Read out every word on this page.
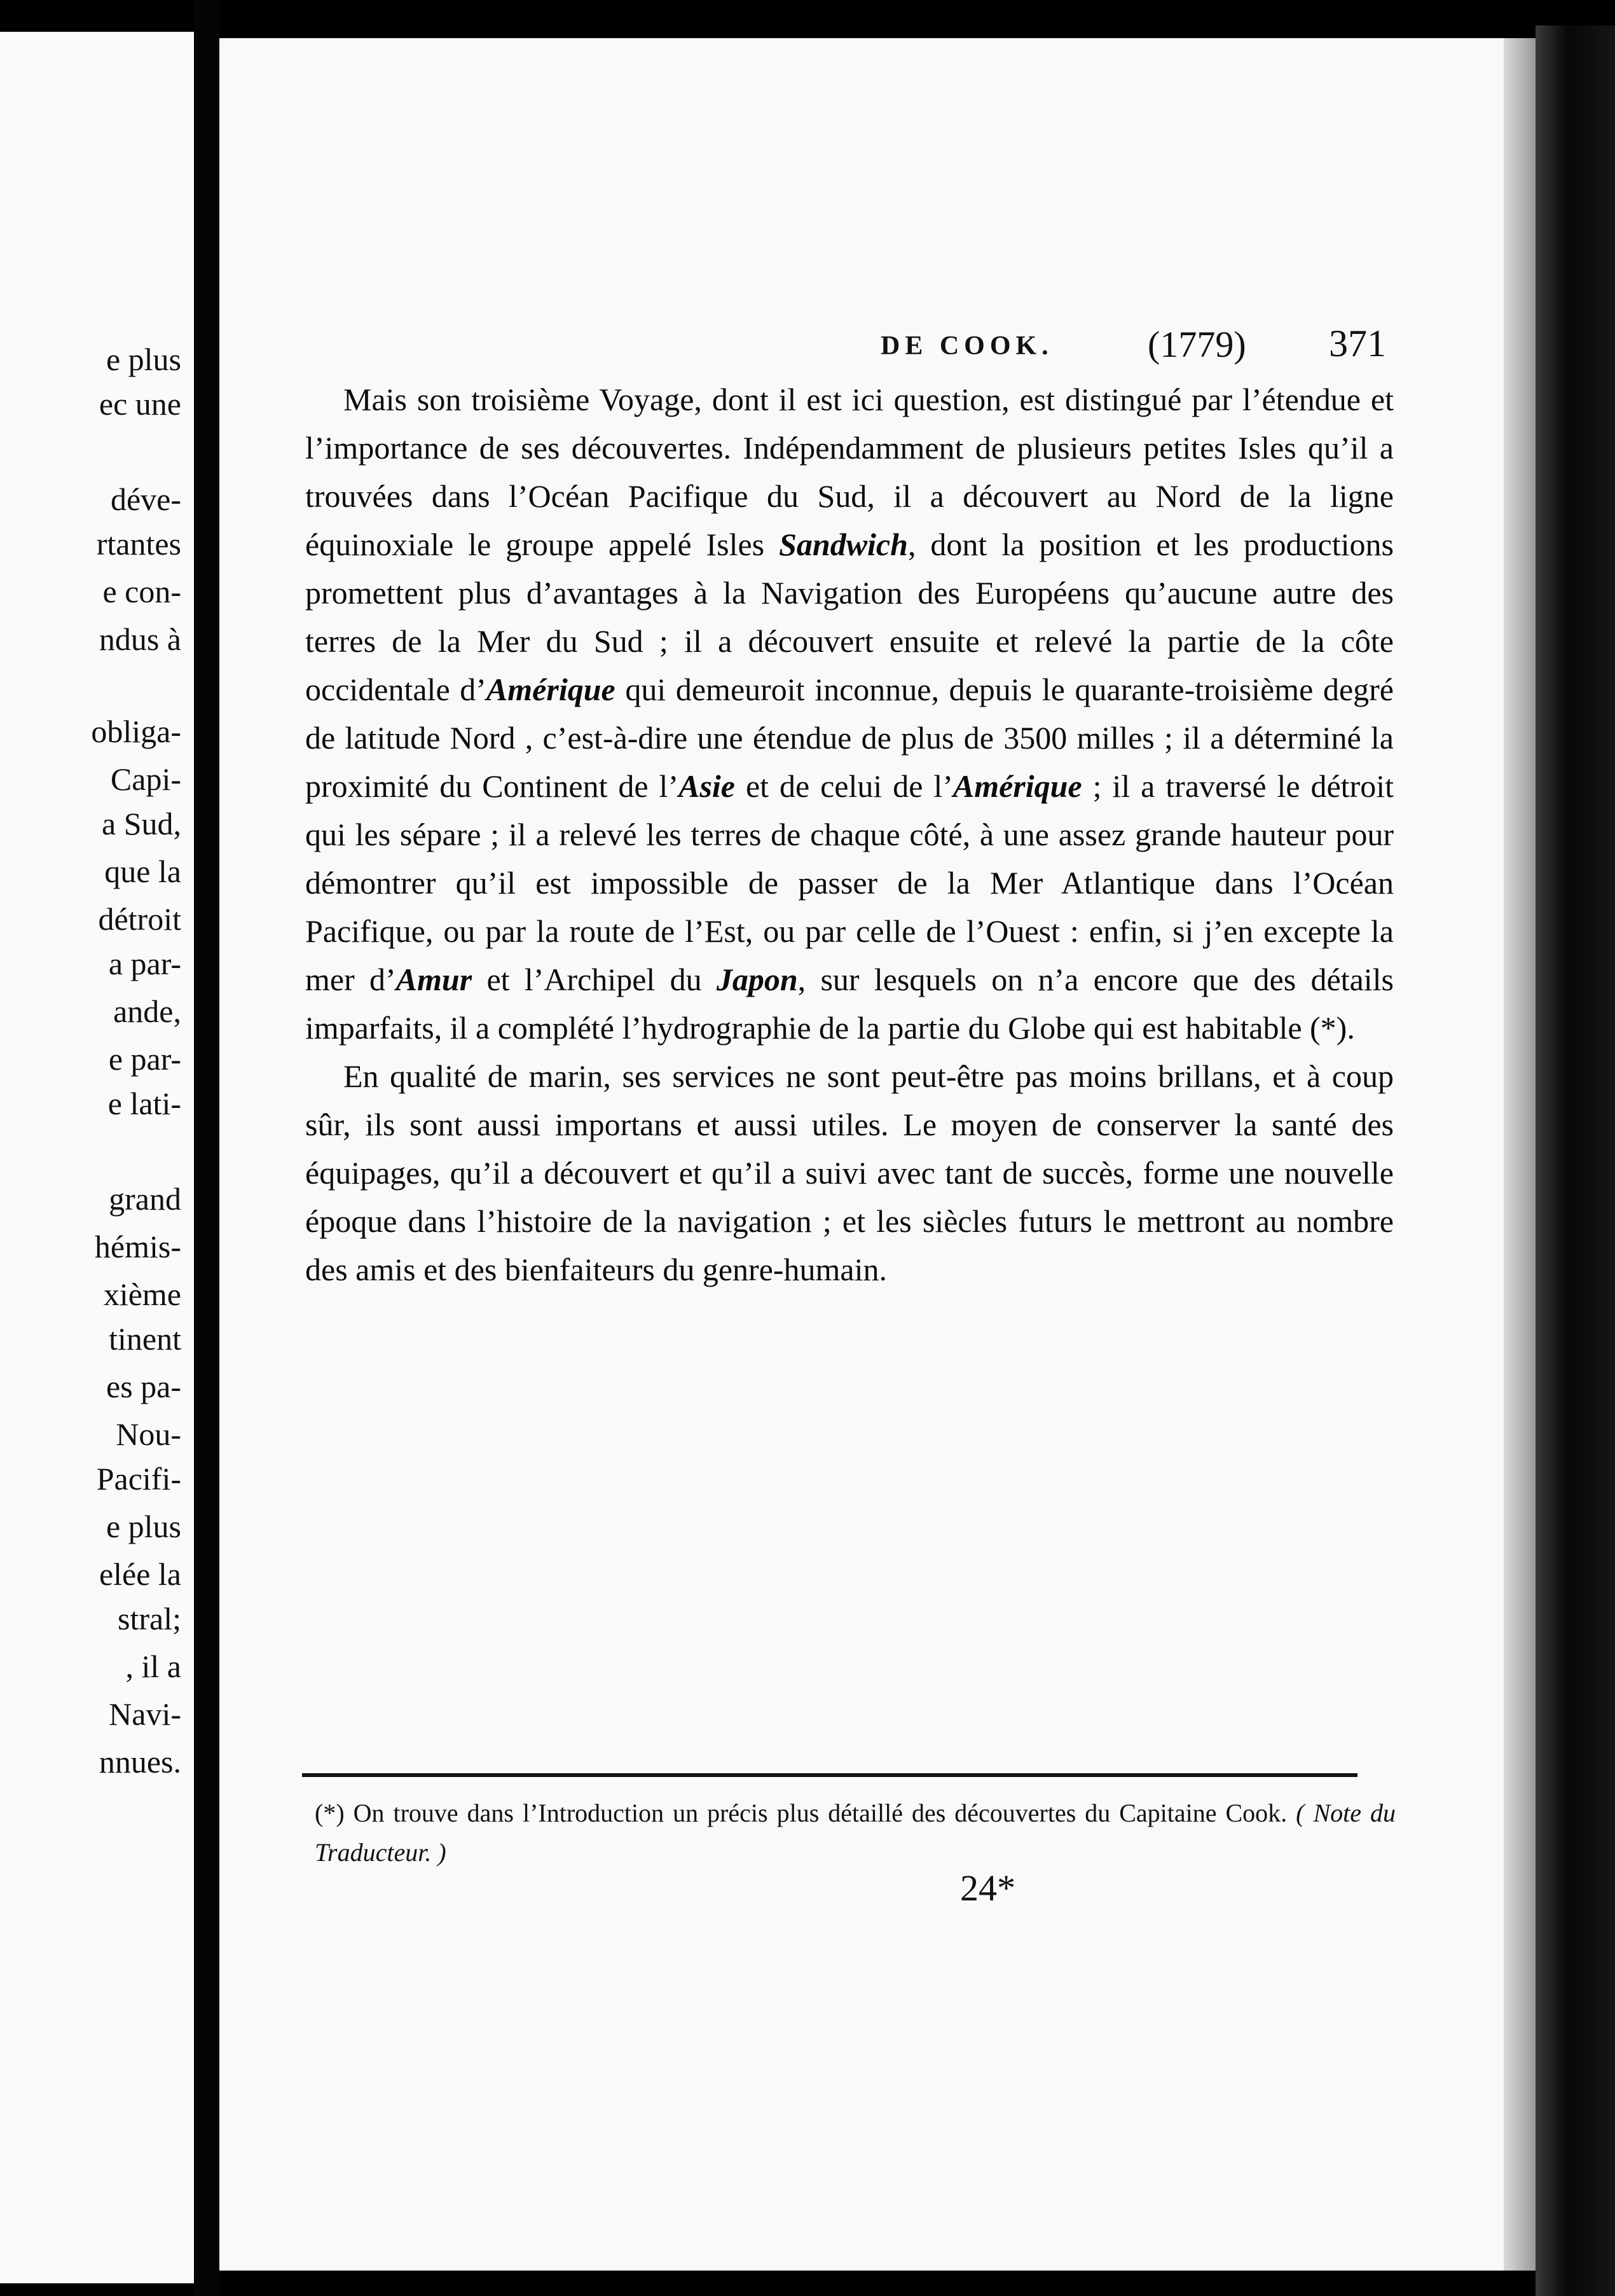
e plus
ec une
déve-
rtantes
e con-
ndus à
obliga-
Capi-
a Sud,
que la
détroit
a par-
ande,
e par-
e lati-
grand
hémis-
xième
tinent
es pa-
Nou-
Pacifi-
e plus
elée la
stral;
, il a
Navi-
nnues.
DE COOK.	(1779) 371

Mais son troisième Voyage, dont il est ici question, est distingué par l’étendue et l’importance de ses découvertes. Indépendamment de plusieurs petites Isles qu’il a trouvées dans l’Océan Pacifique du Sud, il a découvert au Nord de la ligne équinoxiale le groupe appelé Isles Sandwich, dont la position et les productions promettent plus d’avantages à la Navigation des Européens qu’aucune autre des terres de la Mer du Sud ; il a découvert ensuite et relevé la partie de la côte occidentale d’Amérique qui demeuroit inconnue, depuis le quarante-troisième degré de latitude Nord , c’est-à-dire une étendue de plus de 3500 milles ; il a déterminé la proximité du Continent de l’Asie et de celui de l’Amérique ; il a traversé le détroit qui les sépare ; il a relevé les terres de chaque côté, à une assez grande hauteur pour démontrer qu’il est impossible de passer de la Mer Atlantique dans l’Océan Pacifique, ou par la route de l’Est, ou par celle de l’Ouest : enfin, si j’en excepte la mer d’Amur et l’Archipel du Japon, sur lesquels on n’a encore que des détails imparfaits, il a complété l’hydrographie de la partie du Globe qui est habitable (*).

En qualité de marin, ses services ne sont peut-être pas moins brillans, et à coup sûr, ils sont aussi importans et aussi utiles. Le moyen de conserver la santé des équipages, qu’il a découvert et qu’il a suivi avec tant de succès, forme une nouvelle époque dans l’histoire de la navigation ; et les siècles futurs le mettront au nombre des amis et des bienfaiteurs du genre-humain.

(*) On trouve dans l’Introduction un précis plus détaillé des découvertes du Capitaine Cook. ( Note du Traducteur. )
24*
